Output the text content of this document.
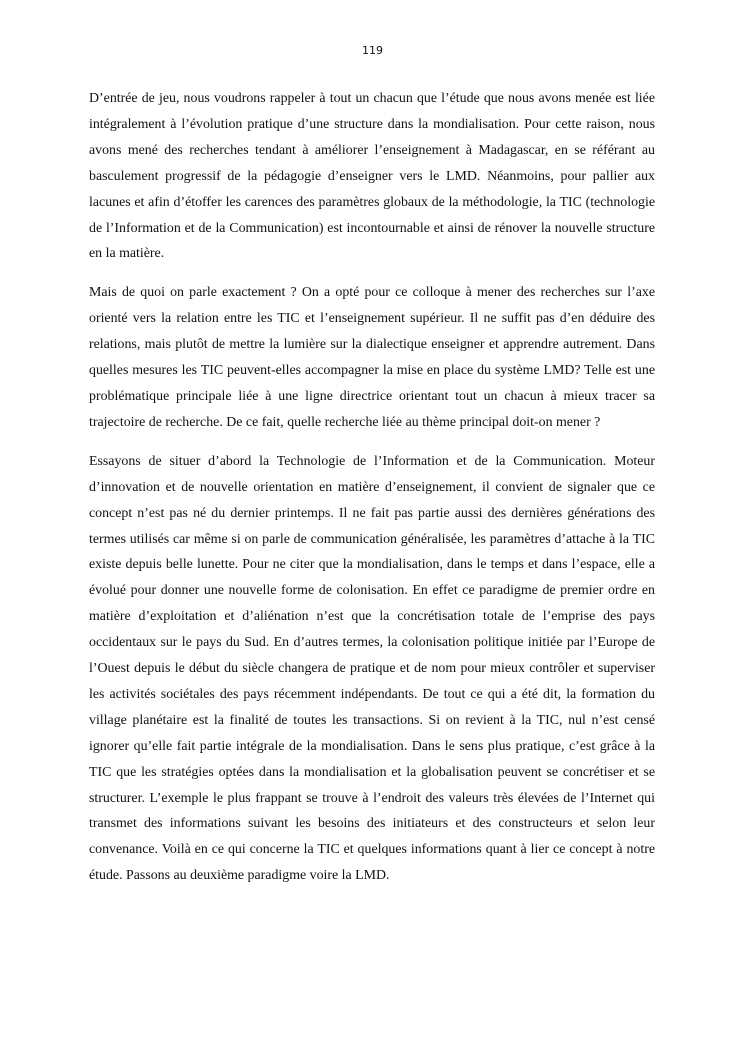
119

D’entrée de jeu, nous voudrons rappeler à tout un chacun que l’étude que nous avons menée est liée intégralement à l’évolution pratique d’une structure dans la mondialisation. Pour cette raison, nous avons mené des recherches tendant à améliorer l’enseignement à Madagascar, en se référant au basculement progressif de la pédagogie d’enseigner vers le LMD. Néanmoins, pour pallier aux lacunes et afin d’étoffer les carences des paramètres globaux de la méthodologie, la TIC (technologie de l’Information et de la Communication) est incontournable et ainsi de rénover la nouvelle structure en la matière.

Mais de quoi on parle exactement ? On a opté pour ce colloque à mener des recherches sur l’axe orienté vers la relation entre les TIC et l’enseignement supérieur. Il ne suffit pas d’en déduire des relations, mais plutôt de mettre la lumière sur la dialectique enseigner et apprendre autrement. Dans quelles mesures les TIC peuvent-elles accompagner la mise en place du système LMD? Telle est une problématique principale liée à une ligne directrice orientant tout un chacun à mieux tracer sa trajectoire de recherche. De ce fait, quelle recherche liée au thème principal doit-on mener ?

Essayons de situer d’abord la Technologie de l’Information et de la Communication. Moteur d’innovation et de nouvelle orientation en matière d’enseignement, il convient de signaler que ce concept n’est pas né du dernier printemps. Il ne fait pas partie aussi des dernières générations des termes utilisés car même si on parle de communication généralisée, les paramètres d’attache à la TIC existe depuis belle lunette. Pour ne citer que la mondialisation, dans le temps et dans l’espace, elle a évolué pour donner une nouvelle forme de colonisation. En effet ce paradigme de premier ordre en matière d’exploitation et d’aliénation n’est que la concrétisation totale de l’emprise des pays occidentaux sur le pays du Sud. En d’autres termes, la colonisation politique initiée par l’Europe de l’Ouest depuis le début du siècle changera de pratique et de nom pour mieux contrôler et superviser les activités sociétales des pays récemment indépendants. De tout ce qui a été dit, la formation du village planétaire est la finalité de toutes les transactions. Si on revient à la TIC, nul n’est censé ignorer qu’elle fait partie intégrale de la mondialisation. Dans le sens plus pratique, c’est grâce à la TIC que les stratégies optées dans la mondialisation et la globalisation peuvent se concrétiser et se structurer. L’exemple le plus frappant se trouve à l’endroit des valeurs très élevées de l’Internet qui transmet des informations suivant les besoins des initiateurs et des constructeurs et selon leur convenance. Voilà en ce qui concerne la TIC et quelques informations quant à lier ce concept à notre étude. Passons au deuxième paradigme voire la LMD.
